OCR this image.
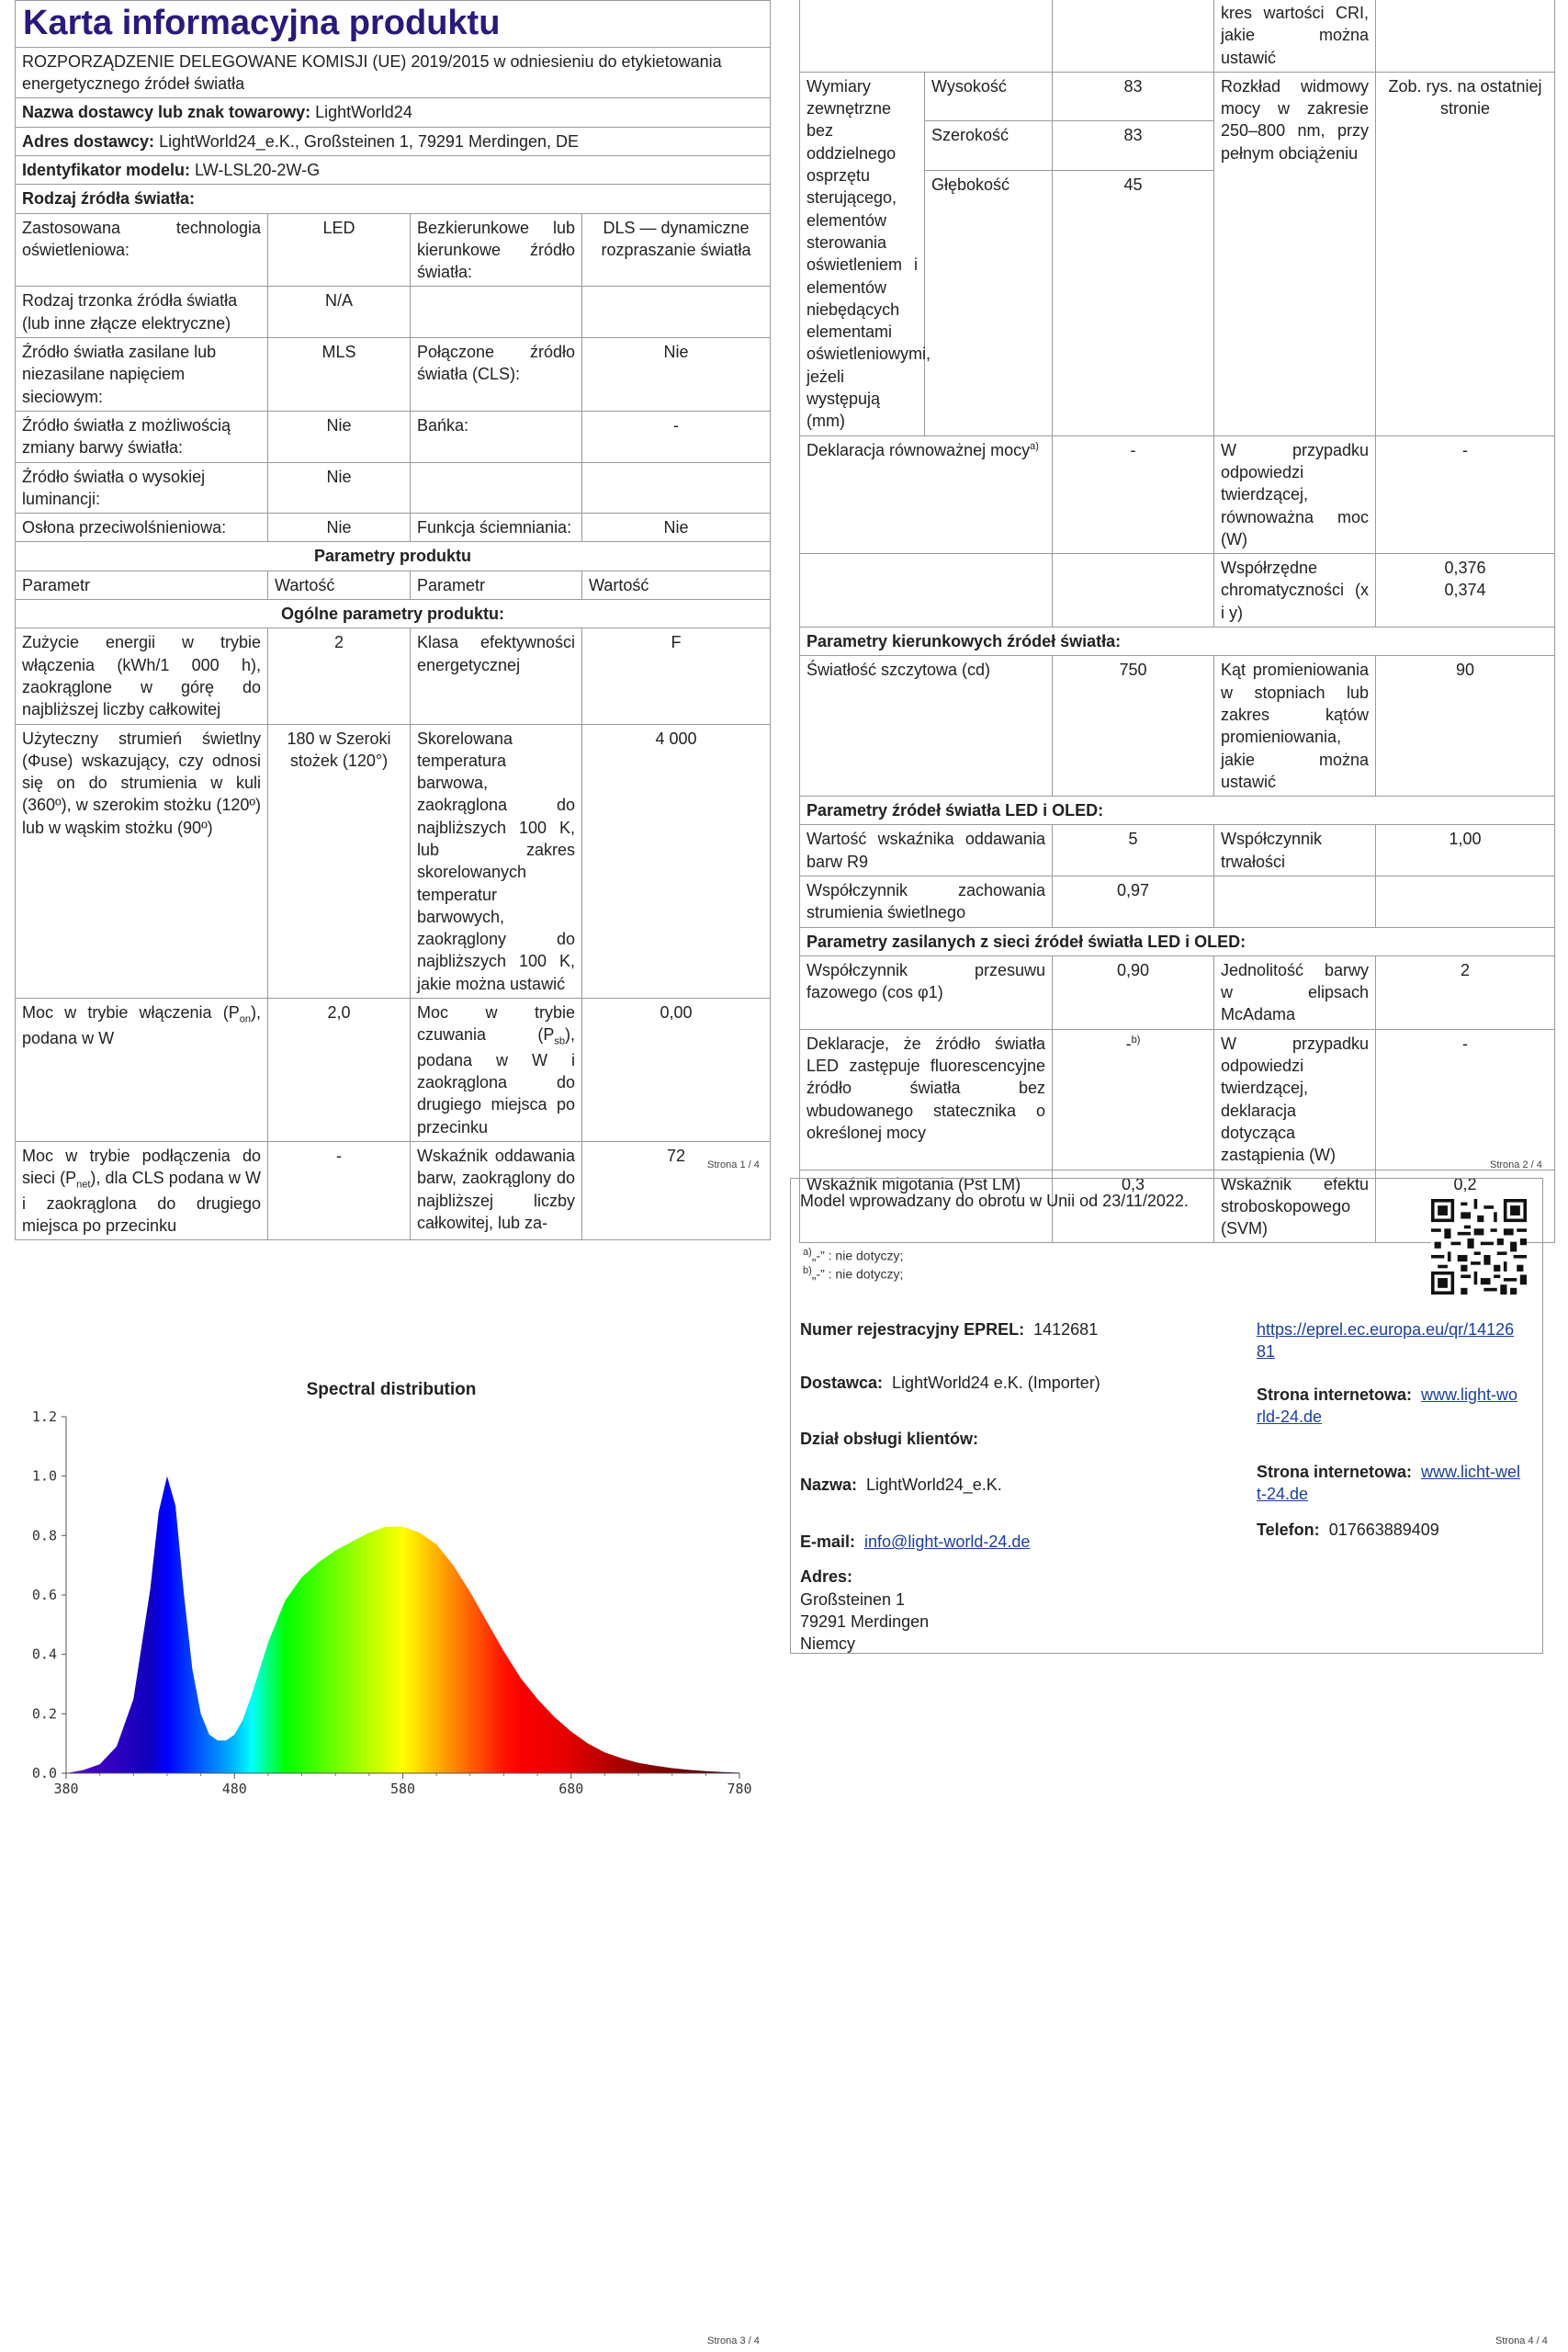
Karta informacyjna produktu			
ROZPORZĄDZENIE DELEGOWANE KOMISJI (UE) 2019/2015 w odniesieniu do etykietowania energetycznego źródeł światła			
Nazwa dostawcy lub znak towarowy: LightWorld24			
Adres dostawcy: LightWorld24_e.K., Großsteinen 1, 79291 Merdingen, DE			
Identyfikator modelu: LW-LSL20-2W-G			
Rodzaj źródła światła:			
Zastosowana technologia oświetleniowa:	LED	Bezkierunkowe lub kierunkowe źródło światła:	DLS — dynamiczne rozpraszanie światła
Rodzaj trzonka źródła światła
(lub inne złącze elektryczne)	N/A		
Źródło światła zasilane lub niezasilane napięciem sieciowym:	MLS	Połączone źródło światła (CLS):	Nie
Źródło światła z możliwością zmiany barwy światła:	Nie	Bańka:	-
Źródło światła o wysokiej luminancji:	Nie		
Osłona przeciwolśnieniowa:	Nie	Funkcja ściemniania:	Nie
Parametry produktu			
Parametr	Wartość	Parametr	Wartość
Ogólne parametry produktu:			
Zużycie energii w trybie włączenia (kWh/1 000 h), zaokrąglone w górę do najbliższej liczby całkowitej	2	Klasa efektywności energetycznej	F
Użyteczny strumień świetlny (Φuse) wskazujący, czy odnosi się on do strumienia w kuli (360º), w szerokim stożku (120º) lub w wąskim stożku (90º)	180 w Szeroki stożek (120°)	Skorelowana temperatura barwowa, zaokrąglona do najbliższych 100 K, lub zakres skorelowanych temperatur barwowych, zaokrąglony do najbliższych 100 K, jakie można ustawić	4 000
Moc w trybie włączenia $(P_{on})$, podana w W	2,0	Moc w trybie czuwania $(P_{sb})$, podana w W i zaokrąglona do drugiego miejsca po przecinku	0,00
Moc w trybie podłączenia do sieci $(P_{net})$, dla CLS podana w W i zaokrąglona do drugiego miejsca po przecinku	-	Wskaźnik oddawania barw, zaokrąglony do najbliższej liczby całkowitej, lub za-	72 Strona 1 / 4
			kres wartości CRI, jakie można ustawić	
Wymiary zewnętrzne bez oddzielnego osprzętu sterującego, elementów sterowania oświetleniem i elementów niebędących elementami oświetleniowymi, jeżeli występują (mm)	Wysokość	83	Rozkład widmowy mocy w zakresie 250–800 nm, przy pełnym obciążeniu	Zob. rys. na ostatniej stronie
	Szerokość	83		
	Głębokość	45		
Deklaracja równoważnej mocy$^{a)}$		-	W przypadku odpowiedzi twierdzącej, równoważna moc (W)	-
			Współrzędne chromatyczności (x i y)	0,376
0,374
Parametry kierunkowych źródeł światła:				
Światłość szczytowa (cd)		750	Kąt promieniowania w stopniach lub zakres kątów promieniowania, jakie można ustawić	90
Parametry źródeł światła LED i OLED:				
Wartość wskaźnika oddawania barw R9		5	Współczynnik trwałości	1,00
Współczynnik zachowania strumienia świetlnego		0,97		
Parametry zasilanych z sieci źródeł światła LED i OLED:				
Współczynnik przesuwu fazowego (cos φ1)		0,90	Jednolitość barwy w elipsach McAdama	2
Deklaracje, że źródło światła LED zastępuje fluorescencyjne źródło światła bez wbudowanego statecznika o określonej mocy		-$^{b)}$	W przypadku odpowiedzi twierdzącej, deklaracja dotycząca zastąpienia (W)	-
Wskaźnik migotania (Pst LM)		0,3	Wskaźnik efektu stroboskopowego (SVM)	0,2
$^{a)}$„-” : nie dotyczy;
$^{b)}$„-” : nie dotyczy;
Strona 2 / 4
Spectral distribution
0.0
0.2
0.4
0.6
0.8
1.0
1.2
380	480	580	680	780
Strona 3 / 4
Model wprowadzany do obrotu w Unii od 23/11/2022.
Numer rejestracyjny EPREL: 1412681
Dostawca: LightWorld24 e.K. (Importer)
Dział obsługi klientów:
Nazwa: LightWorld24_e.K.
E-mail: info@light-world-24.de
Adres:
Großsteinen 1
79291 Merdingen
Niemcy
https://eprel.ec.europa.eu/qr/1412681
Strona internetowa: www.light-world-24.de
Strona internetowa: www.licht-welt-24.de
Telefon: 017663889409
Strona 4 / 4
